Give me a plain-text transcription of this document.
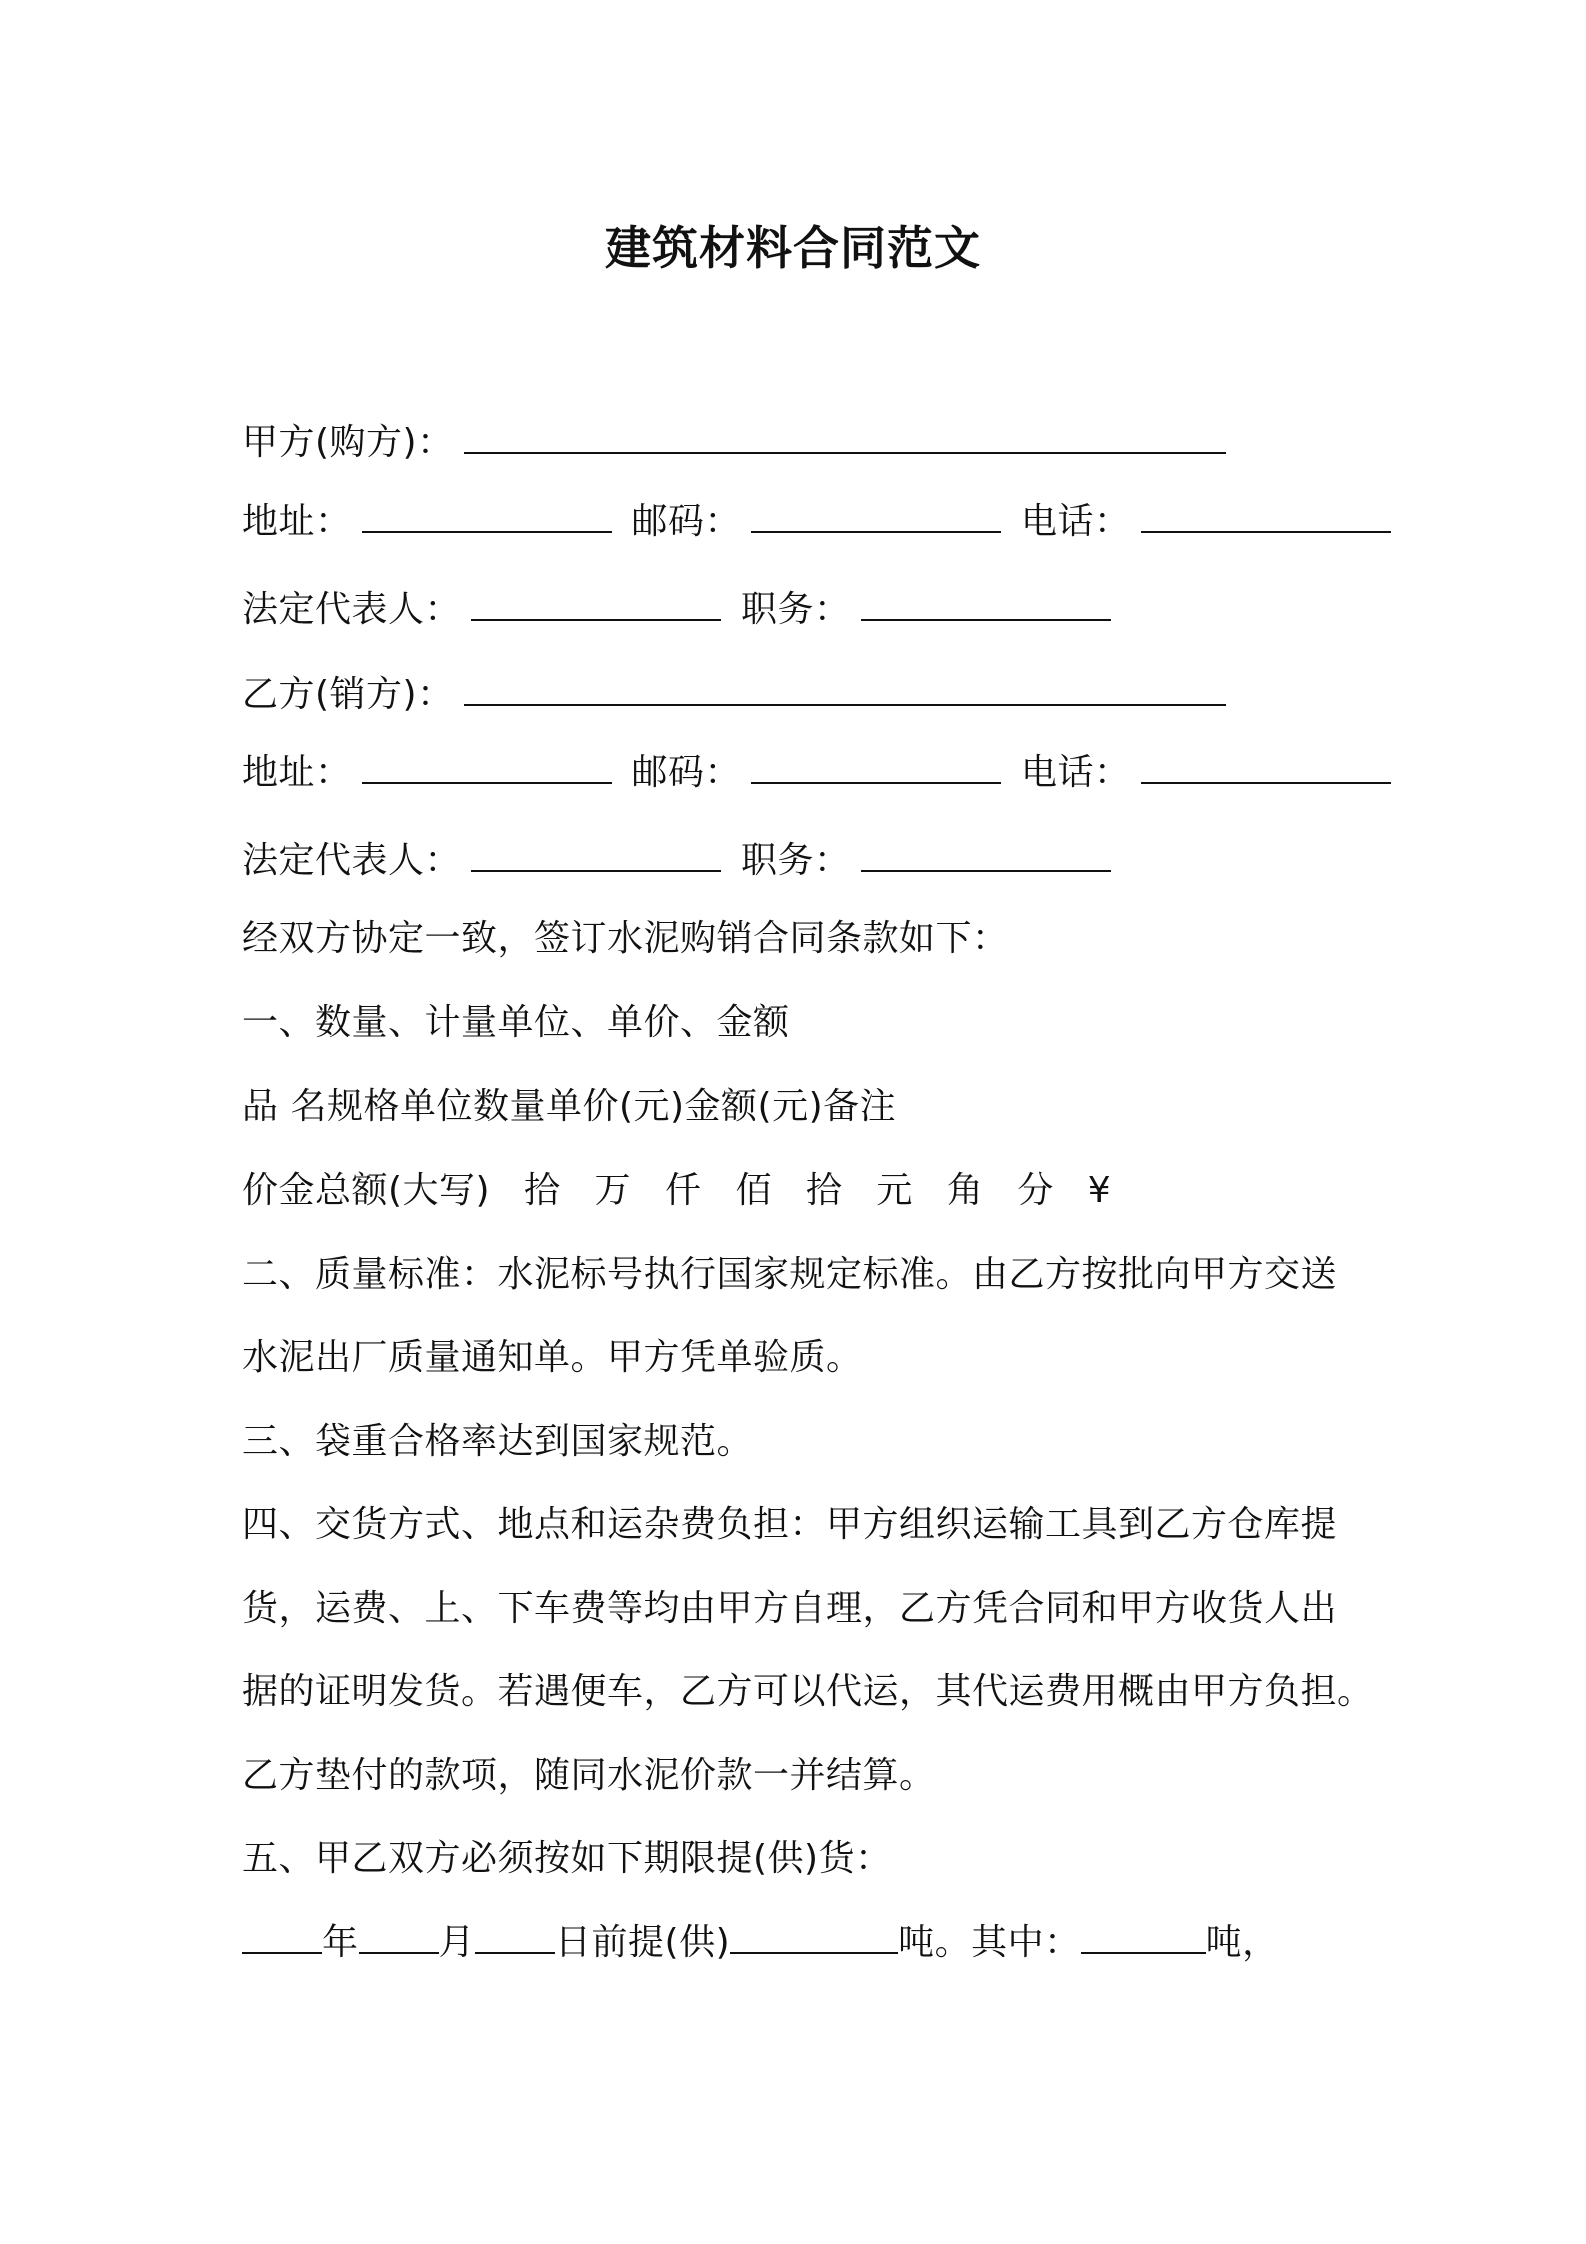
建筑材料合同范文
甲方(购方)：
地址：	邮码：	电话：
法定代表人：	职务：
乙方(销方)：
地址：	邮码：	电话：
法定代表人：	职务：
经双方协定一致，签订水泥购销合同条款如下：
一、数量、计量单位、单价、金额
品 名规格单位数量单价(元)金额(元)备注
价金总额(大写) 拾 万 仟 佰 拾 元 角 分 ¥
二、质量标准：水泥标号执行国家规定标准。由乙方按批向甲方交送
水泥出厂质量通知单。甲方凭单验质。
三、袋重合格率达到国家规范。
四、交货方式、地点和运杂费负担：甲方组织运输工具到乙方仓库提
货，运费、上、下车费等均由甲方自理，乙方凭合同和甲方收货人出
据的证明发货。若遇便车，乙方可以代运，其代运费用概由甲方负担。
乙方垫付的款项，随同水泥价款一并结算。
五、甲乙双方必须按如下期限提(供)货：
年 月 日前提(供)	吨。其中：	吨，
